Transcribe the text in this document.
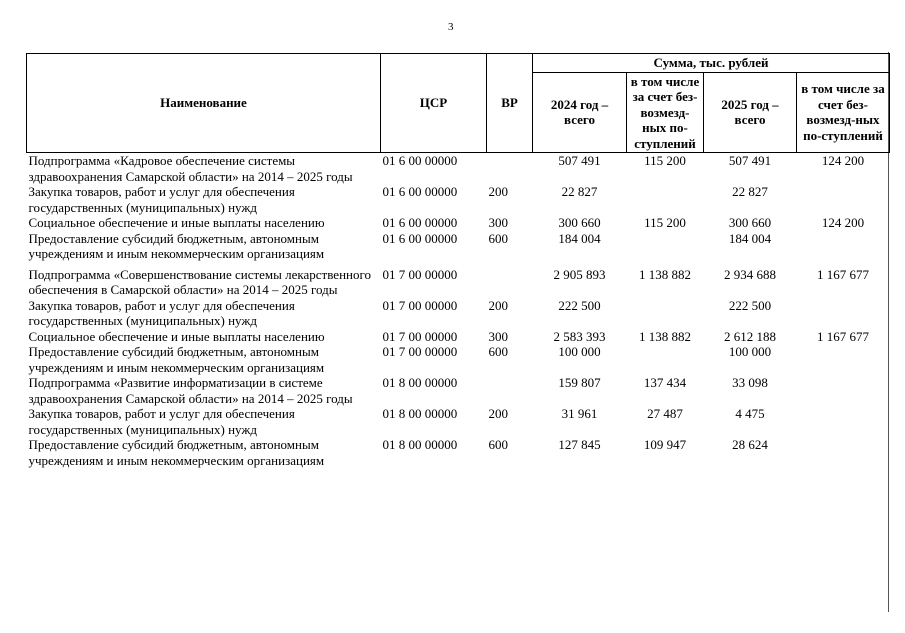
3
Наименование	ЦСР	ВР	Сумма, тыс. рублей			
			2024 год – всего	в том числе за счет без-возмезд-ных по-ступлений	2025 год – всего	в том числе за счет без-возмезд-ных по-ступлений
Подпрограмма «Кадровое обеспечение системы здравоохранения Самарской области» на 2014 – 2025 годы	01 6 00 00000		507 491	115 200	507 491	124 200
Закупка товаров, работ и услуг для обеспечения государственных (муниципальных) нужд	01 6 00 00000	200	22 827		22 827	
Социальное обеспечение и иные выплаты населению	01 6 00 00000	300	300 660	115 200	300 660	124 200
Предоставление субсидий бюджетным, автономным учреждениям и иным некоммерческим организациям	01 6 00 00000	600	184 004		184 004	
Подпрограмма «Совершенствование системы лекарственного обеспечения в Самарской области» на 2014 – 2025 годы	01 7 00 00000		2 905 893	1 138 882	2 934 688	1 167 677
Закупка товаров, работ и услуг для обеспечения государственных (муниципальных) нужд	01 7 00 00000	200	222 500		222 500	
Социальное обеспечение и иные выплаты населению	01 7 00 00000	300	2 583 393	1 138 882	2 612 188	1 167 677
Предоставление субсидий бюджетным, автономным учреждениям и иным некоммерческим организациям	01 7 00 00000	600	100 000		100 000	
Подпрограмма «Развитие информатизации в системе здравоохранения Самарской области» на 2014 – 2025 годы	01 8 00 00000		159 807	137 434	33 098	
Закупка товаров, работ и услуг для обеспечения государственных (муниципальных) нужд	01 8 00 00000	200	31 961	27 487	4 475	
Предоставление субсидий бюджетным, автономным учреждениям и иным некоммерческим организациям	01 8 00 00000	600	127 845	109 947	28 624	
